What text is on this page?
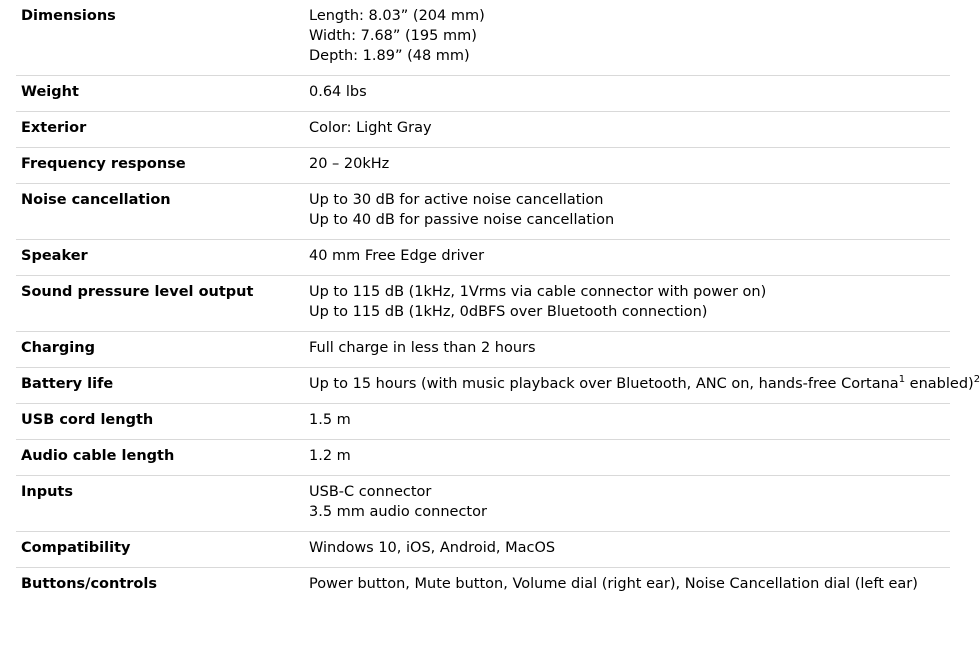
Dimensions	Length: 8.03” (204 mm)
Width: 7.68” (195 mm)
Depth: 1.89” (48 mm)
Weight	0.64 lbs
Exterior	Color: Light Gray
Frequency response	20 – 20kHz
Noise cancellation	Up to 30 dB for active noise cancellation
Up to 40 dB for passive noise cancellation
Speaker	40 mm Free Edge driver
Sound pressure level output	Up to 115 dB (1kHz, 1Vrms via cable connector with power on)
Up to 115 dB (1kHz, 0dBFS over Bluetooth connection)
Charging	Full charge in less than 2 hours
Battery life	Up to 15 hours (with music playback over Bluetooth, ANC on, hands-free Cortana$^1$ enabled)$^2$
USB cord length	1.5 m
Audio cable length	1.2 m
Inputs	USB-C connector
3.5 mm audio connector
Compatibility	Windows 10, iOS, Android, MacOS
Buttons/controls	Power button, Mute button, Volume dial (right ear), Noise Cancellation dial (left ear)
